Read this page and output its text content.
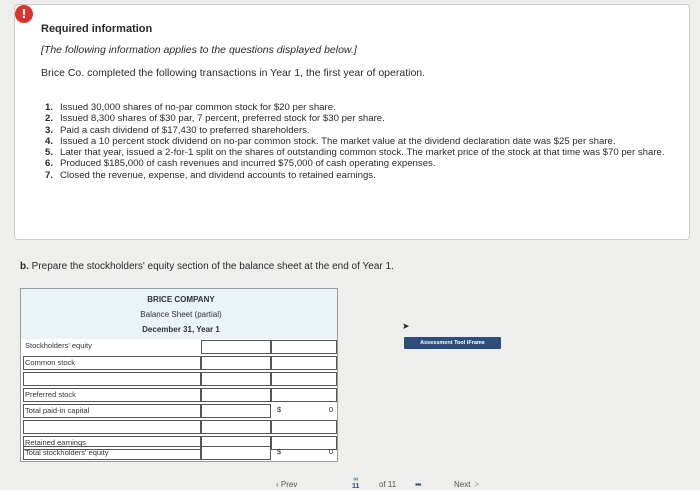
!
Required information
[The following information applies to the questions displayed below.]
Brice Co. completed the following transactions in Year 1, the first year of operation.
1. Issued 30,000 shares of no-par common stock for $20 per share.
2. Issued 8,300 shares of $30 par, 7 percent, preferred stock for $30 per share.
3. Paid a cash dividend of $17,430 to preferred shareholders.
4. Issued a 10 percent stock dividend on no-par common stock. The market value at the dividend declaration date was $25 per share.
5. Later that year, issued a 2-for-1 split on the shares of outstanding common stock. The market price of the stock at that time was $70 per share.
6. Produced $185,000 of cash revenues and incurred $75,000 of cash operating expenses.
7. Closed the revenue, expense, and dividend accounts to retained earnings.
b. Prepare the stockholders' equity section of the balance sheet at the end of Year 1.
BRICE COMPANY
Balance Sheet (partial)
December 31, Year 1
Stockholders' equity
Common stock
Preferred stock
Total paid-in capital	$	0
Retained earnings
Total stockholders' equity	$	0
➤
Assessment Tool iFrame
‹ Prev
∞
11 of 11 ▪▪▪	Next >
